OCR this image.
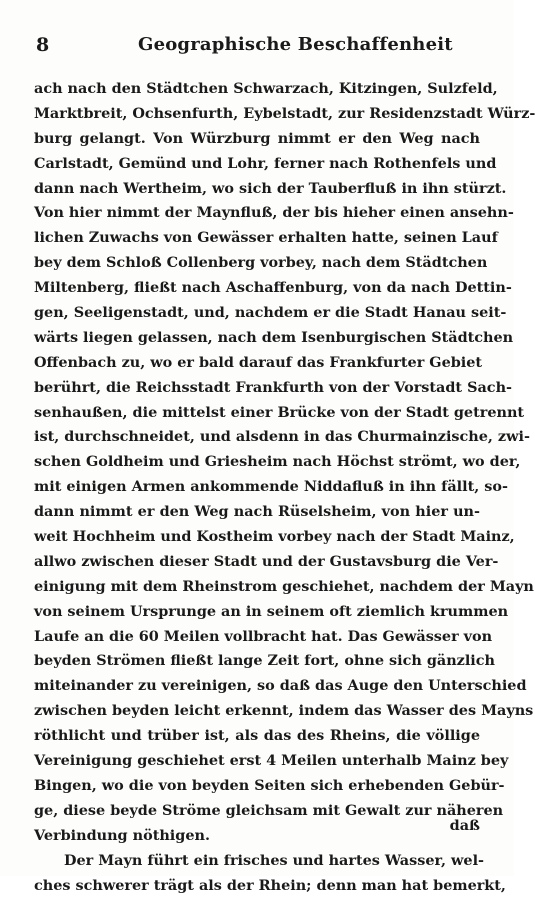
8	Geographische Beschaffenheit
ach nach den Städtchen Schwarzach, Kitzingen, Sulzfeld,
Marktbreit, Ochsenfurth, Eybelstadt, zur Residenzstadt Würz-
burg gelangt. Von Würzburg nimmt er den Weg nach
Carlstadt, Gemünd und Lohr, ferner nach Rothenfels und
dann nach Wertheim, wo sich der Tauberfluß in ihn stürzt.
Von hier nimmt der Maynfluß, der bis hieher einen ansehn-
lichen Zuwachs von Gewässer erhalten hatte, seinen Lauf
bey dem Schloß Collenberg vorbey, nach dem Städtchen
Miltenberg, fließt nach Aschaffenburg, von da nach Dettin-
gen, Seeligenstadt, und, nachdem er die Stadt Hanau seit-
wärts liegen gelassen, nach dem Isenburgischen Städtchen
Offenbach zu, wo er bald darauf das Frankfurter Gebiet
berührt, die Reichsstadt Frankfurth von der Vorstadt Sach-
senhaußen, die mittelst einer Brücke von der Stadt getrennt
ist, durchschneidet, und alsdenn in das Churmainzische, zwi-
schen Goldheim und Griesheim nach Höchst strömt, wo der,
mit einigen Armen ankommende Niddafluß in ihn fällt, so-
dann nimmt er den Weg nach Rüselsheim, von hier un-
weit Hochheim und Kostheim vorbey nach der Stadt Mainz,
allwo zwischen dieser Stadt und der Gustavsburg die Ver-
einigung mit dem Rheinstrom geschiehet, nachdem der Mayn
von seinem Ursprunge an in seinem oft ziemlich krummen
Laufe an die 60 Meilen vollbracht hat. Das Gewässer von
beyden Strömen fließt lange Zeit fort, ohne sich gänzlich
miteinander zu vereinigen, so daß das Auge den Unterschied
zwischen beyden leicht erkennt, indem das Wasser des Mayns
röthlicht und trüber ist, als das des Rheins, die völlige
Vereinigung geschiehet erst 4 Meilen unterhalb Mainz bey
Bingen, wo die von beyden Seiten sich erhebenden Gebür-
ge, diese beyde Ströme gleichsam mit Gewalt zur näheren
Verbindung nöthigen.
Der Mayn führt ein frisches und hartes Wasser, wel-
ches schwerer trägt als der Rhein; denn man hat bemerkt,
daß
